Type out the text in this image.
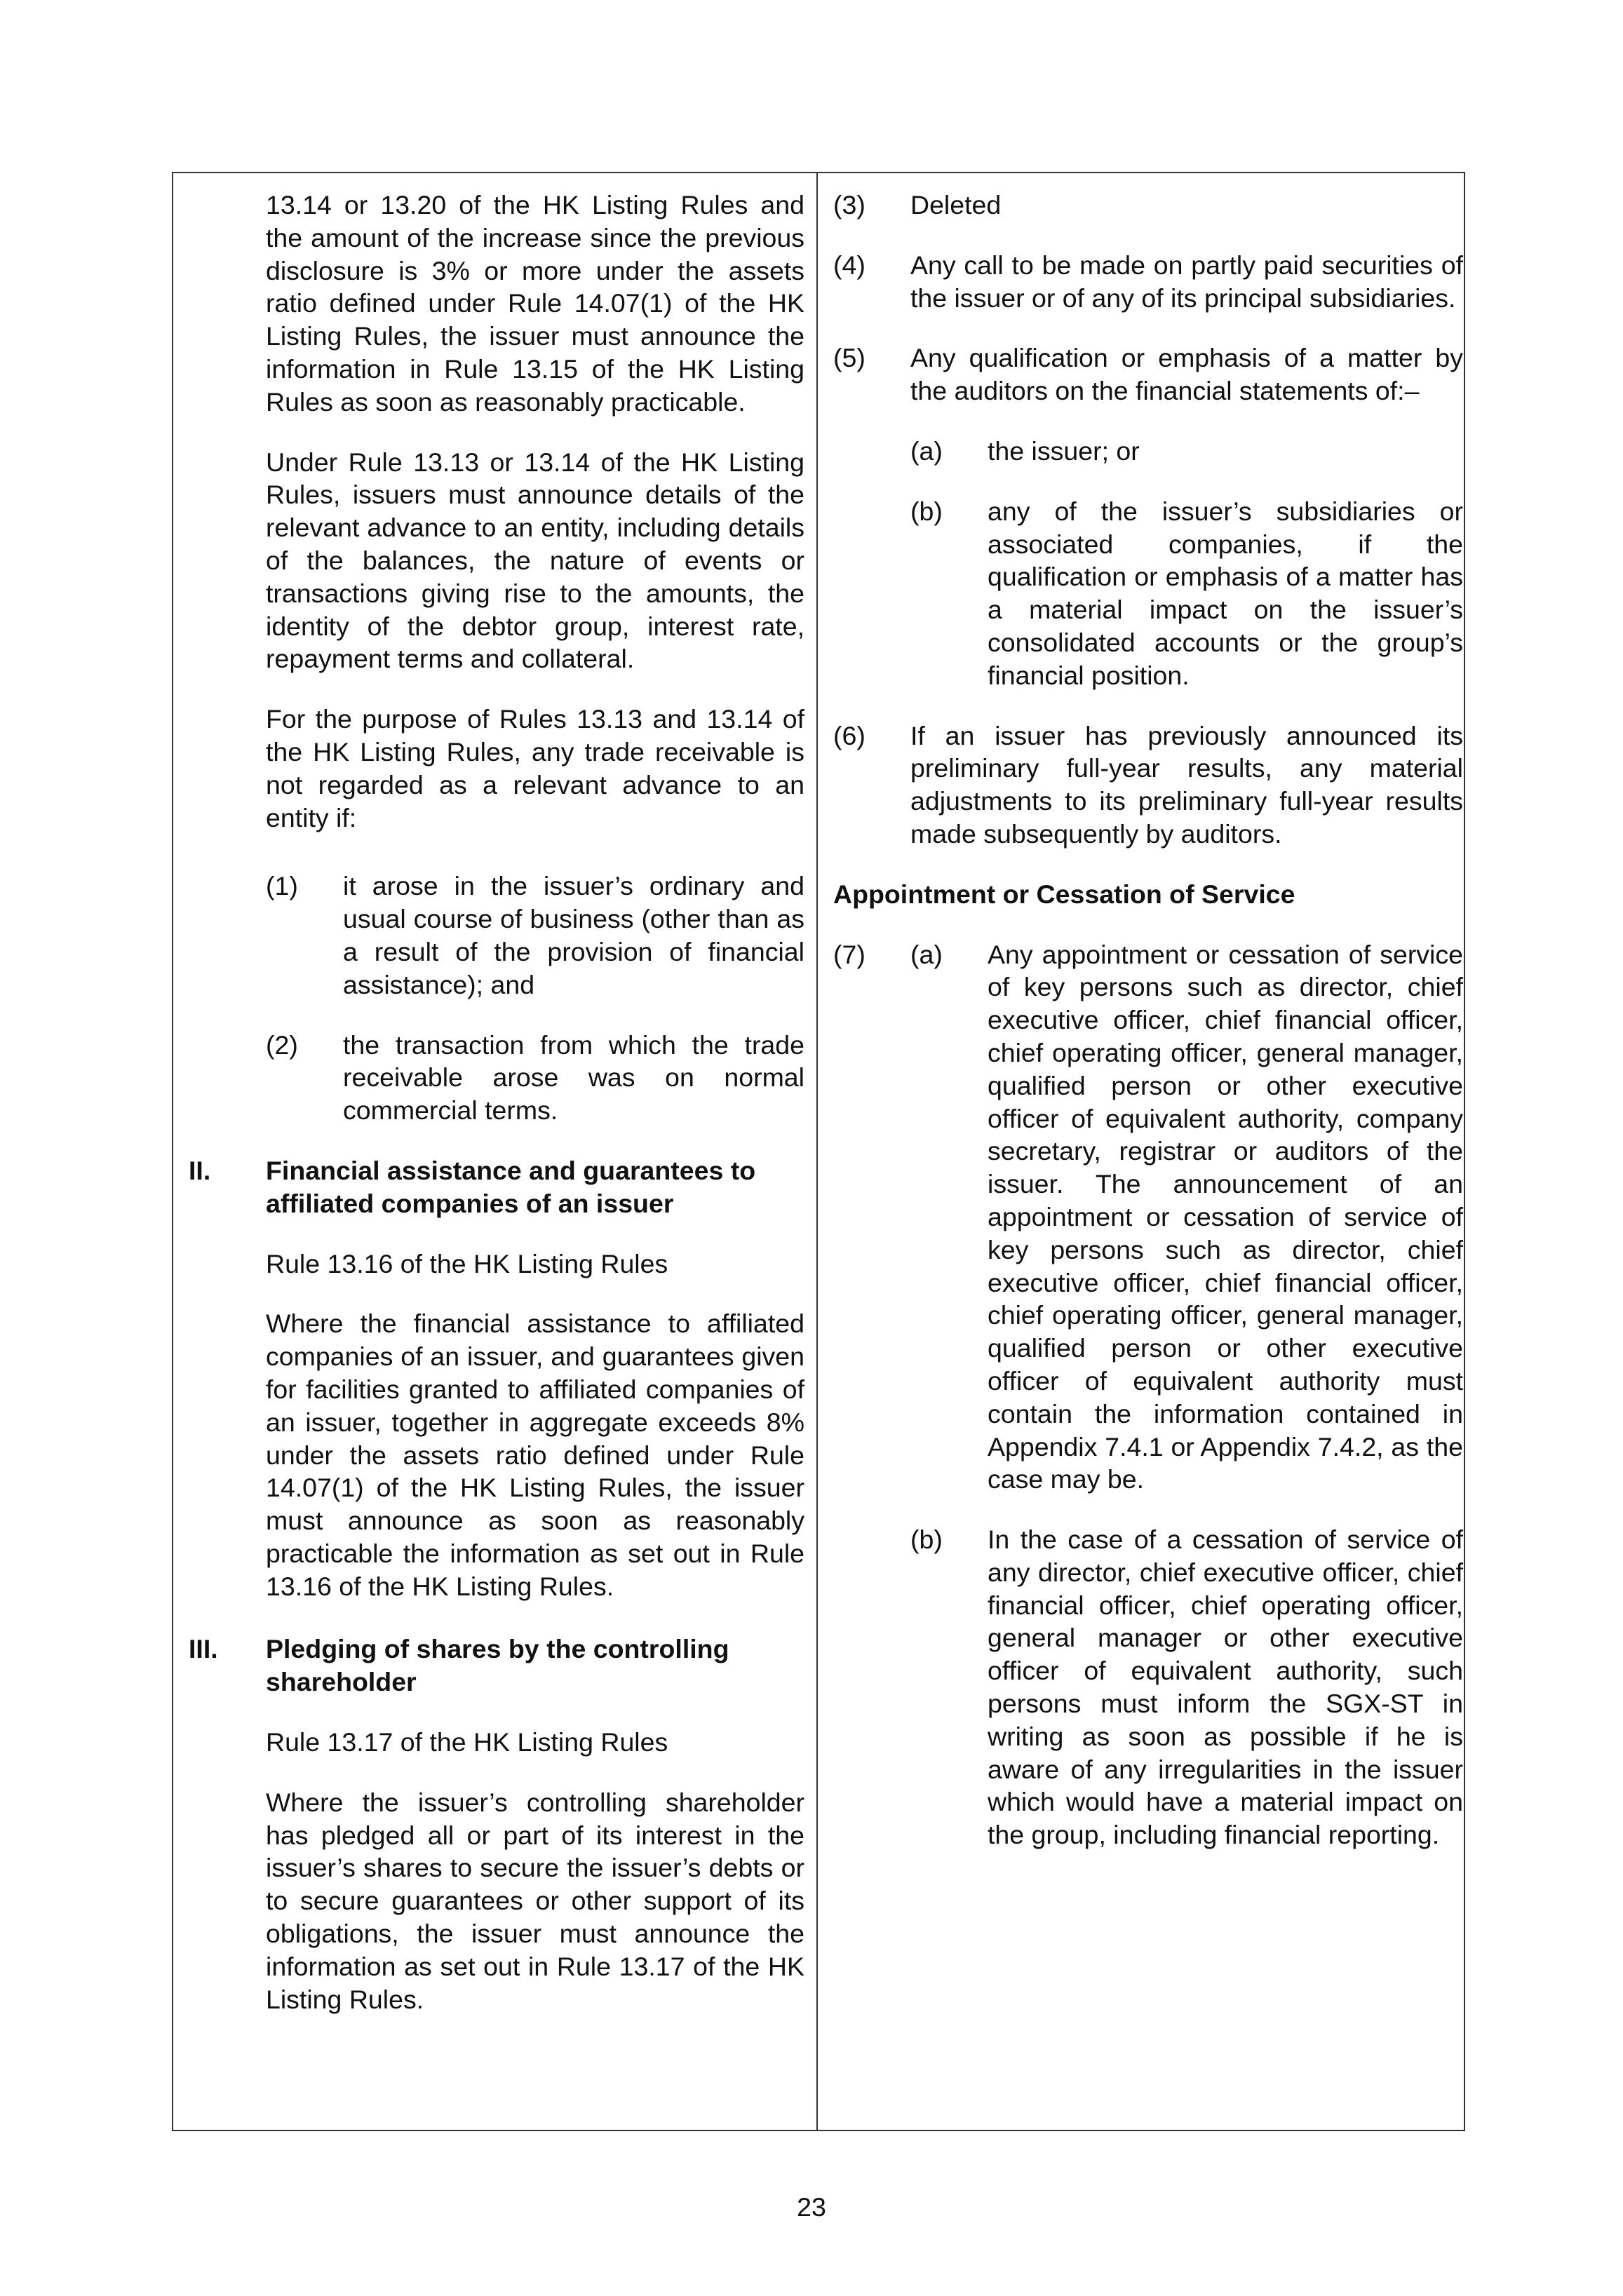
13.14 or 13.20 of the HK Listing Rules and the amount of the increase since the previous disclosure is 3% or more under the assets ratio defined under Rule 14.07(1) of the HK Listing Rules, the issuer must announce the information in Rule 13.15 of the HK Listing Rules as soon as reasonably practicable.

Under Rule 13.13 or 13.14 of the HK Listing Rules, issuers must announce details of the relevant advance to an entity, including details of the balances, the nature of events or transactions giving rise to the amounts, the identity of the debtor group, interest rate, repayment terms and collateral.

For the purpose of Rules 13.13 and 13.14 of the HK Listing Rules, any trade receivable is not regarded as a relevant advance to an entity if:

(1)	it arose in the issuer’s ordinary and usual course of business (other than as a result of the provision of financial assistance); and

(2)	the transaction from which the trade receivable arose was on normal commercial terms.

II.	Financial assistance and guarantees to affiliated companies of an issuer

Rule 13.16 of the HK Listing Rules

Where the financial assistance to affiliated companies of an issuer, and guarantees given for facilities granted to affiliated companies of an issuer, together in aggregate exceeds 8% under the assets ratio defined under Rule 14.07(1) of the HK Listing Rules, the issuer must announce as soon as reasonably practicable the information as set out in Rule 13.16 of the HK Listing Rules.

III.	Pledging of shares by the controlling shareholder

Rule 13.17 of the HK Listing Rules

Where the issuer’s controlling shareholder has pledged all or part of its interest in the issuer’s shares to secure the issuer’s debts or to secure guarantees or other support of its obligations, the issuer must announce the information as set out in Rule 13.17 of the HK Listing Rules.

(3)	Deleted

(4)	Any call to be made on partly paid securities of the issuer or of any of its principal subsidiaries.

(5)	Any qualification or emphasis of a matter by the auditors on the financial statements of:–

(a)	the issuer; or

(b)	any of the issuer’s subsidiaries or associated companies, if the qualification or emphasis of a matter has a material impact on the issuer’s consolidated accounts or the group’s financial position.

(6)	If an issuer has previously announced its preliminary full-year results, any material adjustments to its preliminary full-year results made subsequently by auditors.

Appointment or Cessation of Service

(7)	(a)	Any appointment or cessation of service of key persons such as director, chief executive officer, chief financial officer, chief operating officer, general manager, qualified person or other executive officer of equivalent authority, company secretary, registrar or auditors of the issuer. The announcement of an appointment or cessation of service of key persons such as director, chief executive officer, chief financial officer, chief operating officer, general manager, qualified person or other executive officer of equivalent authority must contain the information contained in Appendix 7.4.1 or Appendix 7.4.2, as the case may be.

(b)	In the case of a cessation of service of any director, chief executive officer, chief financial officer, chief operating officer, general manager or other executive officer of equivalent authority, such persons must inform the SGX-ST in writing as soon as possible if he is aware of any irregularities in the issuer which would have a material impact on the group, including financial reporting.

23
